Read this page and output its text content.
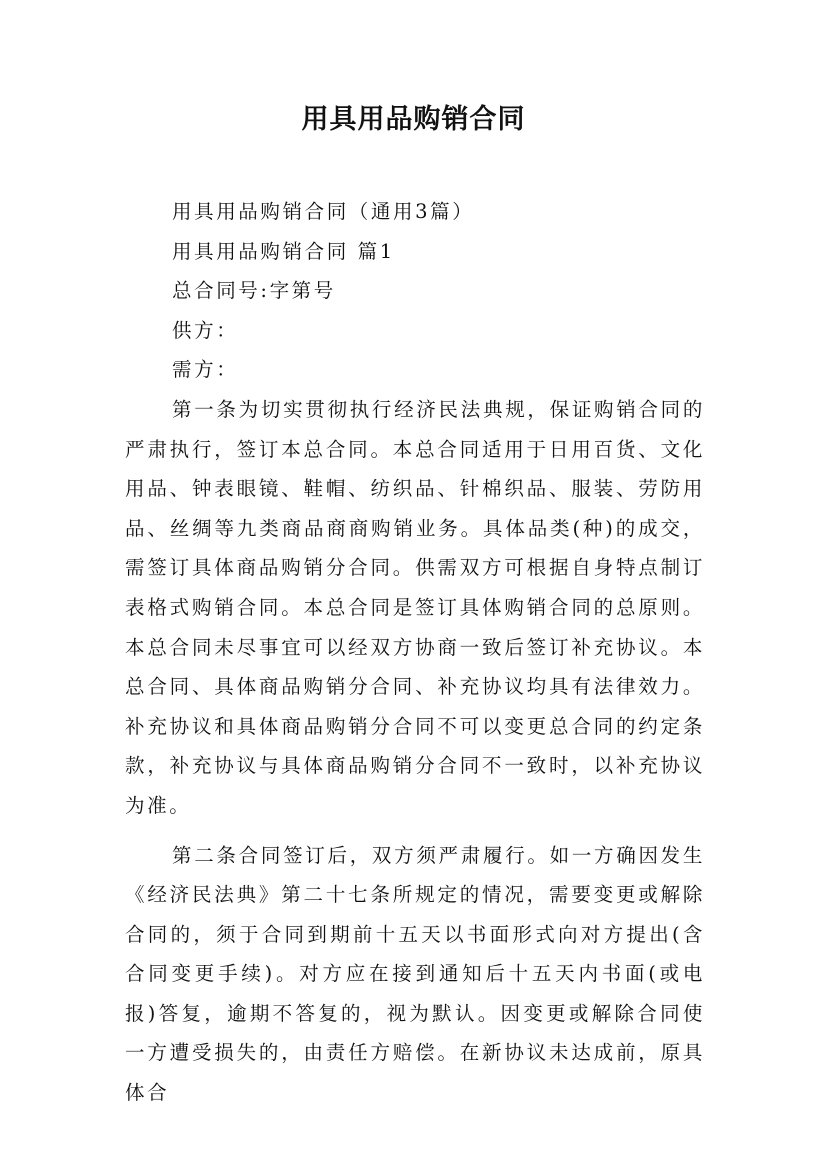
用具用品购销合同
用具用品购销合同（通用3篇）
用具用品购销合同 篇1
总合同号:字第号
供方：
需方：

第一条为切实贯彻执行经济民法典规，保证购销合同的严肃执行，签订本总合同。本总合同适用于日用百货、文化用品、钟表眼镜、鞋帽、纺织品、针棉织品、服装、劳防用品、丝绸等九类商品商商购销业务。具体品类(种)的成交，需签订具体商品购销分合同。供需双方可根据自身特点制订表格式购销合同。本总合同是签订具体购销合同的总原则。本总合同未尽事宜可以经双方协商一致后签订补充协议。本总合同、具体商品购销分合同、补充协议均具有法律效力。补充协议和具体商品购销分合同不可以变更总合同的约定条款，补充协议与具体商品购销分合同不一致时，以补充协议为准。

第二条合同签订后，双方须严肃履行。如一方确因发生《经济民法典》第二十七条所规定的情况，需要变更或解除合同的，须于合同到期前十五天以书面形式向对方提出(含合同变更手续)。对方应在接到通知后十五天内书面(或电报)答复，逾期不答复的，视为默认。因变更或解除合同使一方遭受损失的，由责任方赔偿。在新协议未达成前，原具体合
